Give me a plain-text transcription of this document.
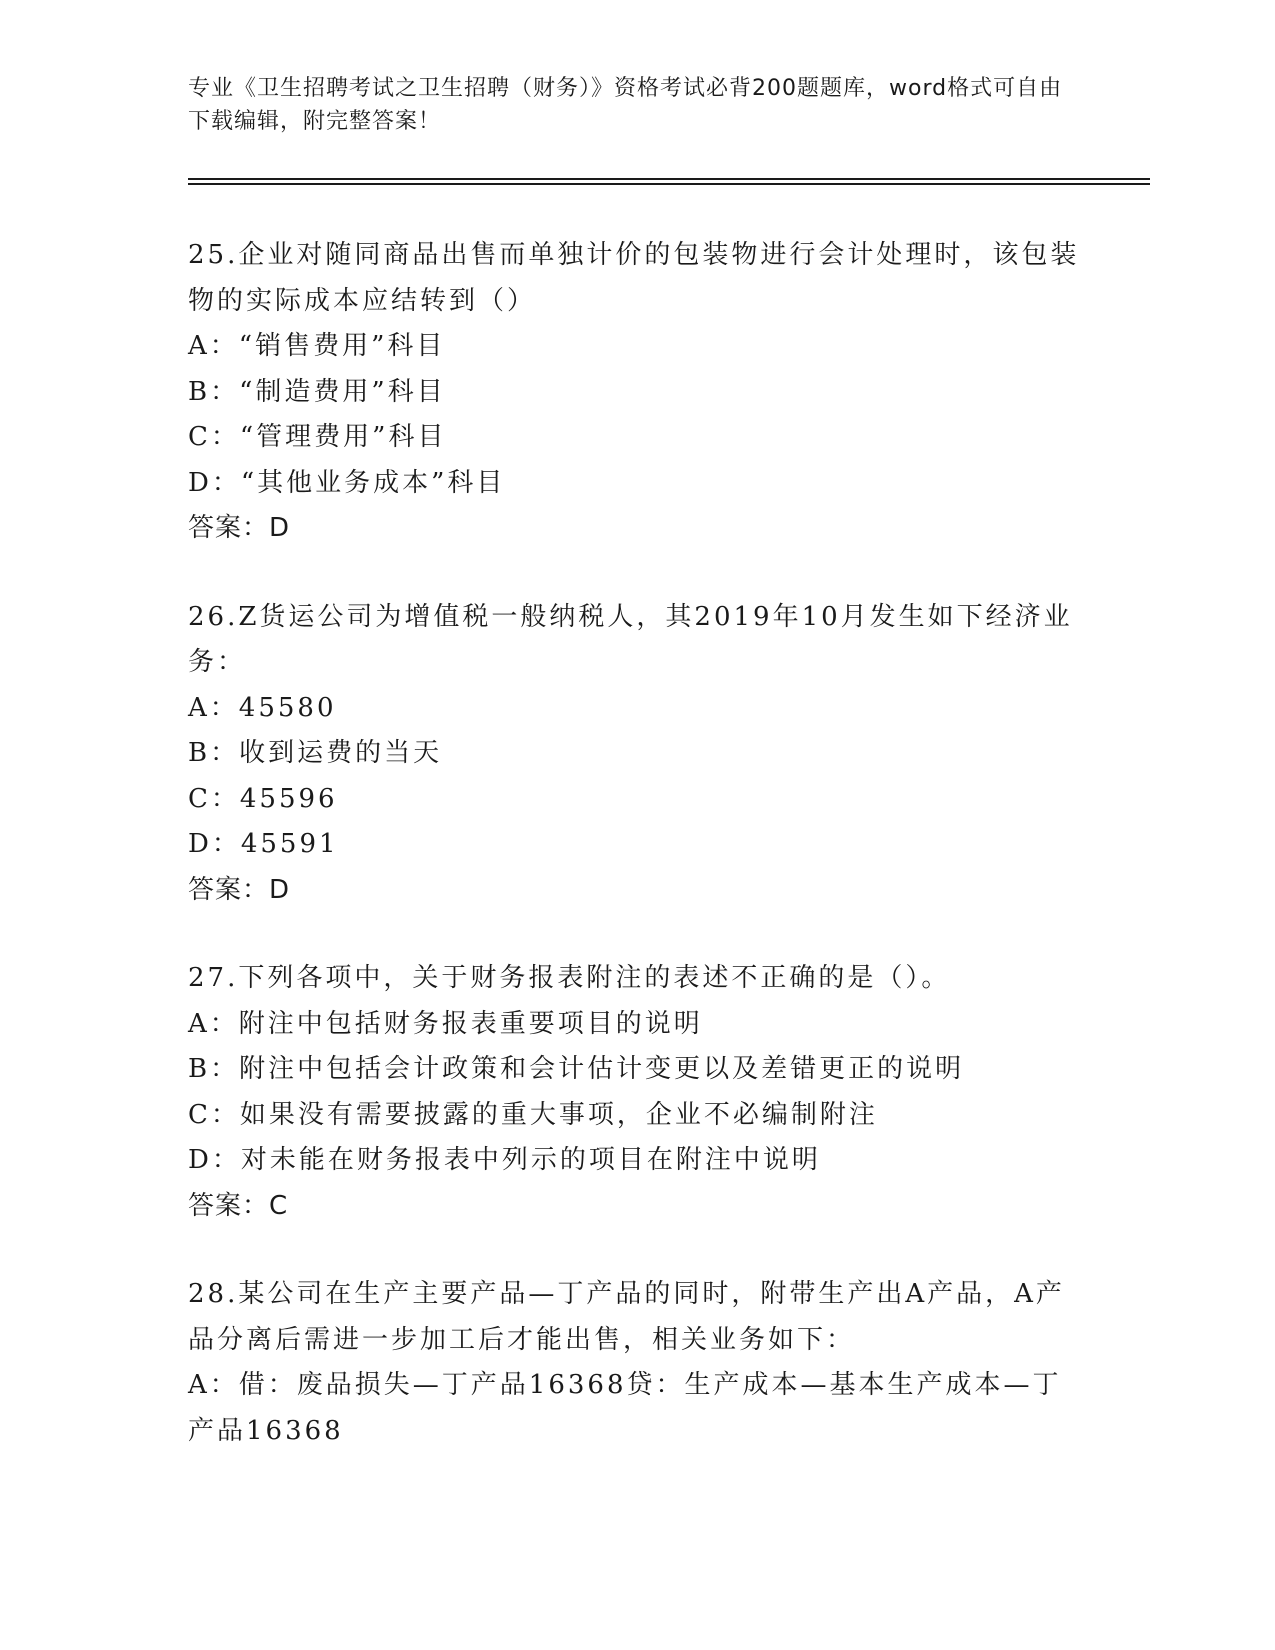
专业《卫生招聘考试之卫生招聘（财务）》资格考试必背200题题库，word格式可自由下载编辑，附完整答案！

25.企业对随同商品出售而单独计价的包装物进行会计处理时，该包装物的实际成本应结转到（）

A：“销售费用”科目

B：“制造费用”科目

C：“管理费用”科目

D：“其他业务成本”科目

答案：D

26.Z货运公司为增值税一般纳税人，其2019年10月发生如下经济业务：

A：45580

B：收到运费的当天

C：45596

D：45591

答案：D

27.下列各项中，关于财务报表附注的表述不正确的是（）。

A：附注中包括财务报表重要项目的说明

B：附注中包括会计政策和会计估计变更以及差错更正的说明

C：如果没有需要披露的重大事项，企业不必编制附注

D：对未能在财务报表中列示的项目在附注中说明

答案：C

28.某公司在生产主要产品—丁产品的同时，附带生产出A产品，A产品分离后需进一步加工后才能出售，相关业务如下：

A：借：废品损失—丁产品16368贷：生产成本—基本生产成本—丁产品16368
